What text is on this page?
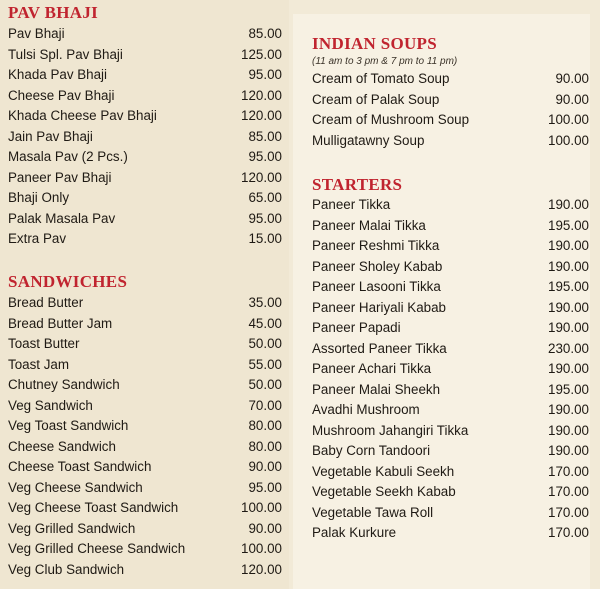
PAV BHAJI
Pav Bhaji	85.00
Tulsi Spl. Pav Bhaji	125.00
Khada Pav Bhaji	95.00
Cheese Pav Bhaji	120.00
Khada Cheese Pav Bhaji	120.00
Jain Pav Bhaji	85.00
Masala Pav (2 Pcs.)	95.00
Paneer Pav Bhaji	120.00
Bhaji Only	65.00
Palak Masala Pav	95.00
Extra Pav	15.00
SANDWICHES
Bread Butter	35.00
Bread Butter Jam	45.00
Toast Butter	50.00
Toast Jam	55.00
Chutney Sandwich	50.00
Veg Sandwich	70.00
Veg Toast Sandwich	80.00
Cheese Sandwich	80.00
Cheese Toast Sandwich	90.00
Veg Cheese Sandwich	95.00
Veg Cheese Toast Sandwich	100.00
Veg Grilled Sandwich	90.00
Veg Grilled Cheese Sandwich	100.00
Veg Club Sandwich	120.00
INDIAN SOUPS
(11 am to 3 pm & 7 pm to 11 pm)
Cream of Tomato Soup	90.00
Cream of Palak Soup	90.00
Cream of Mushroom Soup	100.00
Mulligatawny Soup	100.00
STARTERS
Paneer Tikka	190.00
Paneer Malai Tikka	195.00
Paneer Reshmi Tikka	190.00
Paneer Sholey Kabab	190.00
Paneer Lasooni Tikka	195.00
Paneer Hariyali Kabab	190.00
Paneer Papadi	190.00
Assorted Paneer Tikka	230.00
Paneer Achari Tikka	190.00
Paneer Malai Sheekh	195.00
Avadhi Mushroom	190.00
Mushroom Jahangiri Tikka	190.00
Baby Corn Tandoori	190.00
Vegetable Kabuli Seekh	170.00
Vegetable Seekh Kabab	170.00
Vegetable Tawa Roll	170.00
Palak Kurkure	170.00
